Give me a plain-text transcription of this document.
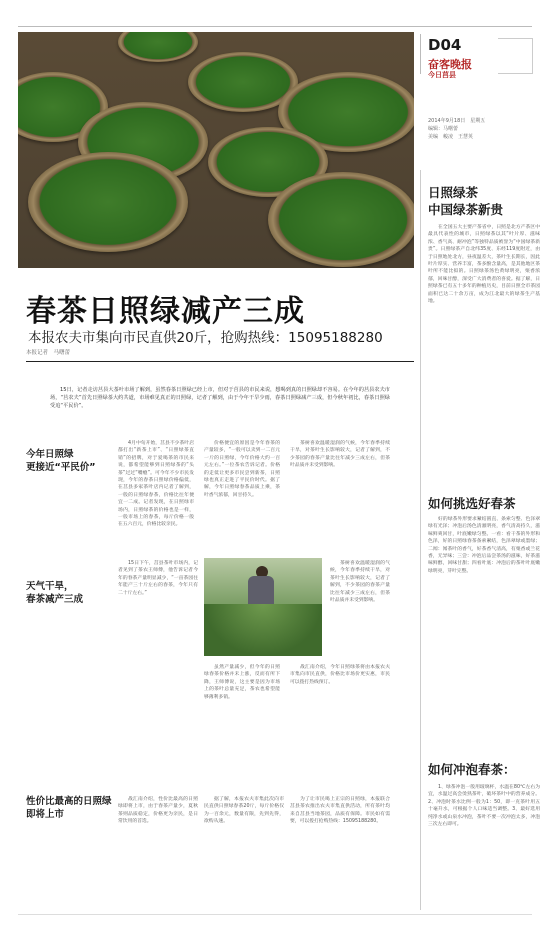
D04
奋客晚报
今日莒县
2014年9月18日　星期五
编辑：马曙蕾
美编　峻凌　王慧英
日照绿茶
中国绿茶新贵
在全国五大主要产茶省中，日照是北方产茶区中最具代表性的城市，日照绿茶以其“叶片厚、滋味浓、香气高、耐冲泡”等独特品质被誉为“中国绿茶新贵”。日照绿茶产自北纬35度、东经119度附近，由于日照地处北方，昼夜温差大，茶叶生长期长，因此叶片厚实、营养丰富，茶多酚含量高，是其他地区茶叶所不能比拟的。日照绿茶汤色黄绿明亮，栗香浓郁，回味甘醇，深受广大消费者的喜爱。据了解，日照绿茶已有五十多年的种植历史，目前日照全市茶园面积已达二十余万亩，成为江北最大的绿茶生产基地。
如何挑选好春茶
好的绿茶外形要求紧结圆直、条索匀整、色泽翠绿有光泽；冲泡后汤色清澈明亮，香气清高持久，滋味鲜爽回甘，叶底嫩绿匀整。一看：看干茶的外形和色泽，好的日照绿春茶条索紧结，色泽翠绿或墨绿；二闻：闻茶叶的香气，好茶香气清高，有栗香或兰花香，无异味；三尝：冲泡后品尝茶汤的滋味，好茶滋味鲜醇，回味甘甜；四看叶底：冲泡后的茶叶叶底嫩绿明亮，芽叶完整。
如何冲泡春茶：
1、绿茶冲泡一般用玻璃杯，水温在80℃左右为宜，水温过高会烫熟茶叶，破坏茶叶中的营养成分。2、冲泡时茶水比例一般为1：50，即一克茶叶用五十毫升水，可根据个人口味适当调整。3、最好选用纯净水或山泉水冲泡，茶叶不要一次冲泡太多，冲泡三次左右即可。
春茶日照绿减产三成
本报农夫市集向市民直供20斤，抢购热线：15095188280
本报记者　马曙蕾
15日，记者走访莒县大茶叶市场了解到，虽然春茶日照绿已经上市，但对于莒县的市民来说，想喝到真的日照绿却不容易。在今年的莒县农夫市场，“莒农夫”首先日照绿茶大约共道，市场难见真正的日照绿，记者了解到，由于今年干旱少雨，春茶日照绿减产三成，但今秋年初比，春茶日照绿受追“平民价”。
今年日照绿
更接近“平民价”
天气干旱，
春茶减产三成
性价比最高的日照绿
即将上市
4月中旬开始，莒县不少茶叶店都打出“新茶上市”、“日照绿茶直销”的招牌，对于爱喝茶的市民来说，都希望能够到日照绿茶的“头茶”过过“嘴瘾”。可今年不少市民发现，今年的春茶日照绿价格偏低，在莒县多家茶叶店内记者了解到，一般的日照绿春茶，价格比往年便宜一二成。记者发现，在日照绿市场内，日照绿茶的价格也是一样，一般市场上的春茶，每斤价格一般在五六百元，价格比较亲民。
价格便宜的原因是今年春茶的产量较多，“一般可以卖到一二百元一斤的日照绿，今年价格大约一百元左右。”一位茶农告诉记者。价格的走低让更多市民尝到新茶，日照绿也真正走进了平民价时代。据了解，今年日照绿春茶品质上乘，茶叶香气浓郁，回甘持久。
茶树喜欢温暖湿润的气候，今年春季持续干旱，对茶叶生长影响较大，记者了解到，不少茶园的春茶产量比往年减少三成左右，但茶叶品质并未受到影响。
15日下午，莒县茶叶市场内，记者见到了茶农王师傅，他告诉记者今年的春茶产量明显减少，“一亩茶园往年能产三十斤左右的春茶，今年只有二十斤左右。”
虽然产量减少，但今年的日照绿春茶价格并未上涨，反而有所下降，王师傅说，这主要是因为市场上的茶叶总量充足，茶农也希望能够薄利多销。
战汇南介绍，今年日照绿茶将由本报农夫市集向市民直供，价格比市场价更实惠，市民可以拨打热线预订。
茶树喜欢温暖湿润的气候，今年春季持续干旱，对茶叶生长影响较大，记者了解到，不少茶园的春茶产量比往年减少三成左右，但茶叶品质并未受到影响。
战汇南介绍，性价比最高的日照绿即将上市，由于春茶产量少，夏秋茶则品质稳定，价格更为亲民，是日常饮用的首选。
据了解，本报农夫市集此次向市民直供日照绿春茶20斤，每斤价格仅为一百余元，数量有限，先到先得，欲购从速。
为了让市民喝上正宗的日照绿，本报联合莒县茶农推出农夫市集直供活动，所有茶叶均来自莒县当地茶园，品质有保障。市民如有需要，可以拨打抢购热线：15095188280。
